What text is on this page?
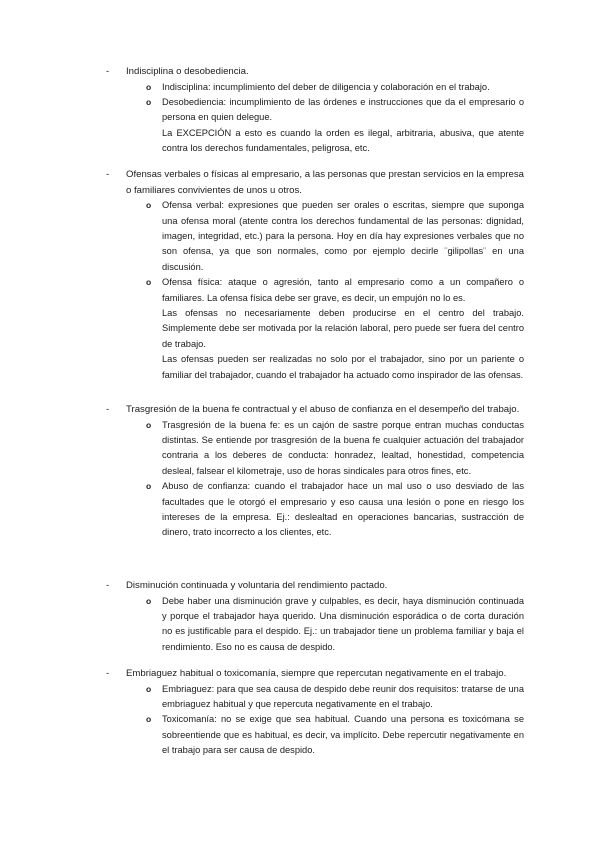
- Indisciplina o desobediencia.
o Indisciplina: incumplimiento del deber de diligencia y colaboración en el trabajo.

o Desobediencia: incumplimiento de las órdenes e instrucciones que da el empresario o persona en quien delegue.

La EXCEPCIÓN a esto es cuando la orden es ilegal, arbitraria, abusiva, que atente contra los derechos fundamentales, peligrosa, etc.

- Ofensas verbales o físicas al empresario, a las personas que prestan servicios en la empresa o familiares convivientes de unos u otros.
o Ofensa verbal: expresiones que pueden ser orales o escritas, siempre que suponga una ofensa moral (atente contra los derechos fundamental de las personas: dignidad, imagen, integridad, etc.) para la persona. Hoy en día hay expresiones verbales que no son ofensa, ya que son normales, como por ejemplo decirle ¨gilipollas¨ en una discusión.

o Ofensa física: ataque o agresión, tanto al empresario como a un compañero o familiares. La ofensa física debe ser grave, es decir, un empujón no lo es.

Las ofensas no necesariamente deben producirse en el centro del trabajo. Simplemente debe ser motivada por la relación laboral, pero puede ser fuera del centro de trabajo.

Las ofensas pueden ser realizadas no solo por el trabajador, sino por un pariente o familiar del trabajador, cuando el trabajador ha actuado como inspirador de las ofensas.

- Trasgresión de la buena fe contractual y el abuso de confianza en el desempeño del trabajo.
o Trasgresión de la buena fe: es un cajón de sastre porque entran muchas conductas distintas. Se entiende por trasgresión de la buena fe cualquier actuación del trabajador contraria a los deberes de conducta: honradez, lealtad, honestidad, competencia desleal, falsear el kilometraje, uso de horas sindicales para otros fines, etc.

o Abuso de confianza: cuando el trabajador hace un mal uso o uso desviado de las facultades que le otorgó el empresario y eso causa una lesión o pone en riesgo los intereses de la empresa. Ej.: deslealtad en operaciones bancarias, sustracción de dinero, trato incorrecto a los clientes, etc.

- Disminución continuada y voluntaria del rendimiento pactado.
o Debe haber una disminución grave y culpables, es decir, haya disminución continuada y porque el trabajador haya querido. Una disminución esporádica o de corta duración no es justificable para el despido. Ej.: un trabajador tiene un problema familiar y baja el rendimiento. Eso no es causa de despido.

- Embriaguez habitual o toxicomanía, siempre que repercutan negativamente en el trabajo.
o Embriaguez: para que sea causa de despido debe reunir dos requisitos: tratarse de una embriaguez habitual y que repercuta negativamente en el trabajo.

o Toxicomanía: no se exige que sea habitual. Cuando una persona es toxicómana se sobreentiende que es habitual, es decir, va implícito. Debe repercutir negativamente en el trabajo para ser causa de despido.
